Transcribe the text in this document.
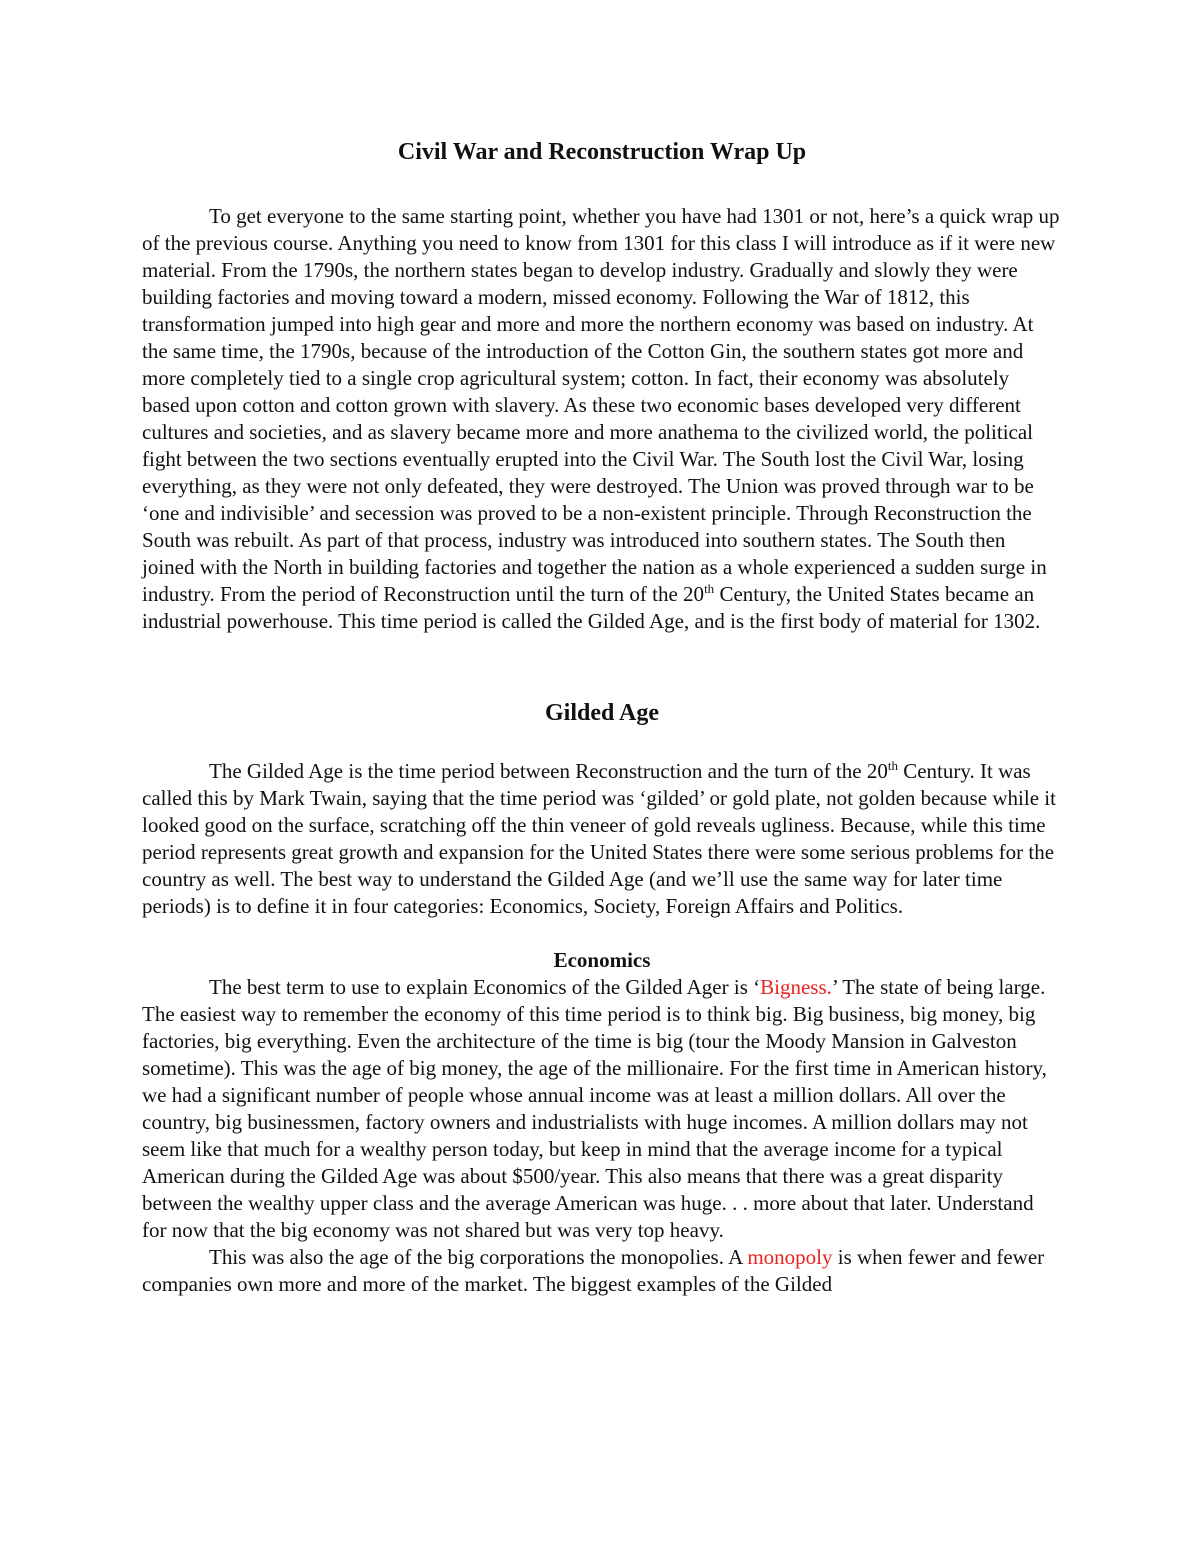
Civil War and Reconstruction Wrap Up

To get everyone to the same starting point, whether you have had 1301 or not, here’s a quick wrap up of the previous course. Anything you need to know from 1301 for this class I will introduce as if it were new material. From the 1790s, the northern states began to develop industry. Gradually and slowly they were building factories and moving toward a modern, missed economy. Following the War of 1812, this transformation jumped into high gear and more and more the northern economy was based on industry. At the same time, the 1790s, because of the introduction of the Cotton Gin, the southern states got more and more completely tied to a single crop agricultural system; cotton. In fact, their economy was absolutely based upon cotton and cotton grown with slavery. As these two economic bases developed very different cultures and societies, and as slavery became more and more anathema to the civilized world, the political fight between the two sections eventually erupted into the Civil War. The South lost the Civil War, losing everything, as they were not only defeated, they were destroyed. The Union was proved through war to be ‘one and indivisible’ and secession was proved to be a non-existent principle. Through Reconstruction the South was rebuilt. As part of that process, industry was introduced into southern states. The South then joined with the North in building factories and together the nation as a whole experienced a sudden surge in industry. From the period of Reconstruction until the turn of the 20th Century, the United States became an industrial powerhouse. This time period is called the Gilded Age, and is the first body of material for 1302.

Gilded Age

The Gilded Age is the time period between Reconstruction and the turn of the 20th Century. It was called this by Mark Twain, saying that the time period was ‘gilded’ or gold plate, not golden because while it looked good on the surface, scratching off the thin veneer of gold reveals ugliness. Because, while this time period represents great growth and expansion for the United States there were some serious problems for the country as well. The best way to understand the Gilded Age (and we’ll use the same way for later time periods) is to define it in four categories: Economics, Society, Foreign Affairs and Politics.

Economics

The best term to use to explain Economics of the Gilded Ager is ‘Bigness.’ The state of being large. The easiest way to remember the economy of this time period is to think big. Big business, big money, big factories, big everything. Even the architecture of the time is big (tour the Moody Mansion in Galveston sometime). This was the age of big money, the age of the millionaire. For the first time in American history, we had a significant number of people whose annual income was at least a million dollars. All over the country, big businessmen, factory owners and industrialists with huge incomes. A million dollars may not seem like that much for a wealthy person today, but keep in mind that the average income for a typical American during the Gilded Age was about $500/year. This also means that there was a great disparity between the wealthy upper class and the average American was huge. . . more about that later. Understand for now that the big economy was not shared but was very top heavy.

This was also the age of the big corporations the monopolies. A monopoly is when fewer and fewer companies own more and more of the market. The biggest examples of the Gilded
